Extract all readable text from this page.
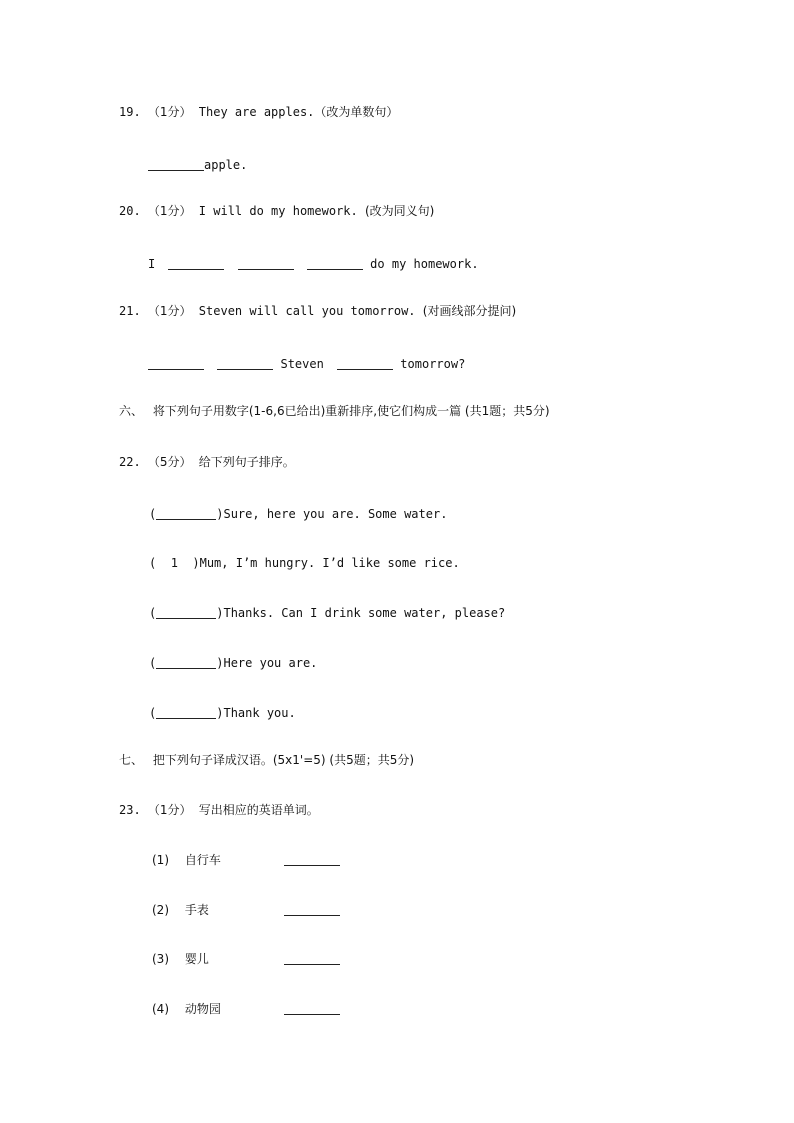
19. （1分） They are apples.（改为单数句）
apple.
20. （1分） I will do my homework. (改为同义句)
I	do my homework.
21. （1分） Steven will call you tomorrow. (对画线部分提问)
Steven	tomorrow?
六、 将下列句子用数字(1-6,6已给出)重新排序,使它们构成一篇 (共1题；共5分)
22. （5分） 给下列句子排序。
(	)Sure, here you are. Some water.
(  1  )Mum, I’m hungry. I’d like some rice.
(	)Thanks. Can I drink some water, please?
(	)Here you are.
(	)Thank you.
七、 把下列句子译成汉语。(5x1'=5) (共5题；共5分)
23. （1分） 写出相应的英语单词。
(1) 自行车
(2) 手表
(3) 婴儿
(4) 动物园
